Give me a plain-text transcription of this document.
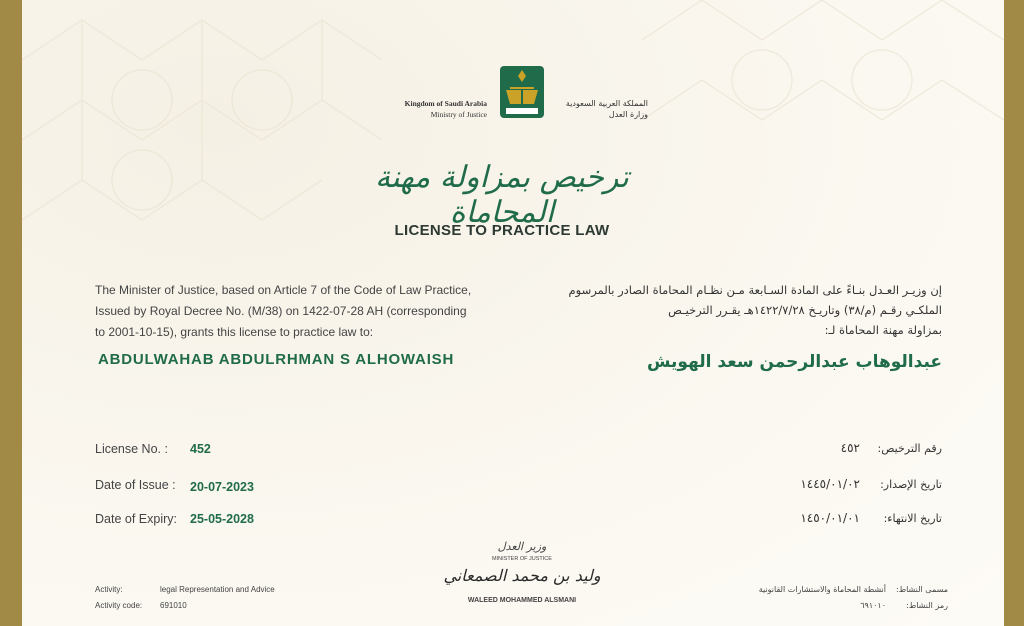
Kingdom of Saudi Arabia
Ministry of Justice
المملكة العربية السعودية
وزارة العدل
ترخيص بمزاولة مهنة المحاماة
LICENSE TO PRACTICE LAW
The Minister of Justice, based on Article 7 of the Code of Law Practice,
Issued by Royal Decree No. (M/38) on 1422-07-28 AH (corresponding
to 2001-10-15), grants this license to practice law to:
إن وزيـر العـدل بنـاءً على المادة السـابعة مـن نظـام المحاماة الصادر بالمرسوم
الملكـي رقـم (م/٣٨) وتاريـخ ١٤٢٢/٧/٢٨هـ يقـرر الترخيـص
بمزاولة مهنة المحاماة لـ:
ABDULWAHAB ABDULRHMAN S ALHOWAISH	عبدالوهاب عبدالرحمن سعد الهويش
License No. : 452
Date of Issue : 20-07-2023
Date of Expiry: 25-05-2028
رقم الترخيص:
٤٥٢
تاريخ الإصدار:
١٤٤٥/٠١/٠٢
تاريخ الانتهاء:
١٤٥٠/٠١/٠١
وزير العدل
MINISTER OF JUSTICE
وليد بن محمد الصمعاني
WALEED MOHAMMED ALSMANI
Activity:	legal Representation and Advice
Activity code: 691010
مسمى النشاط:
أنشطة المحاماة والاستشارات القانونية
رمز النشاط:
٦٩١٠١٠
